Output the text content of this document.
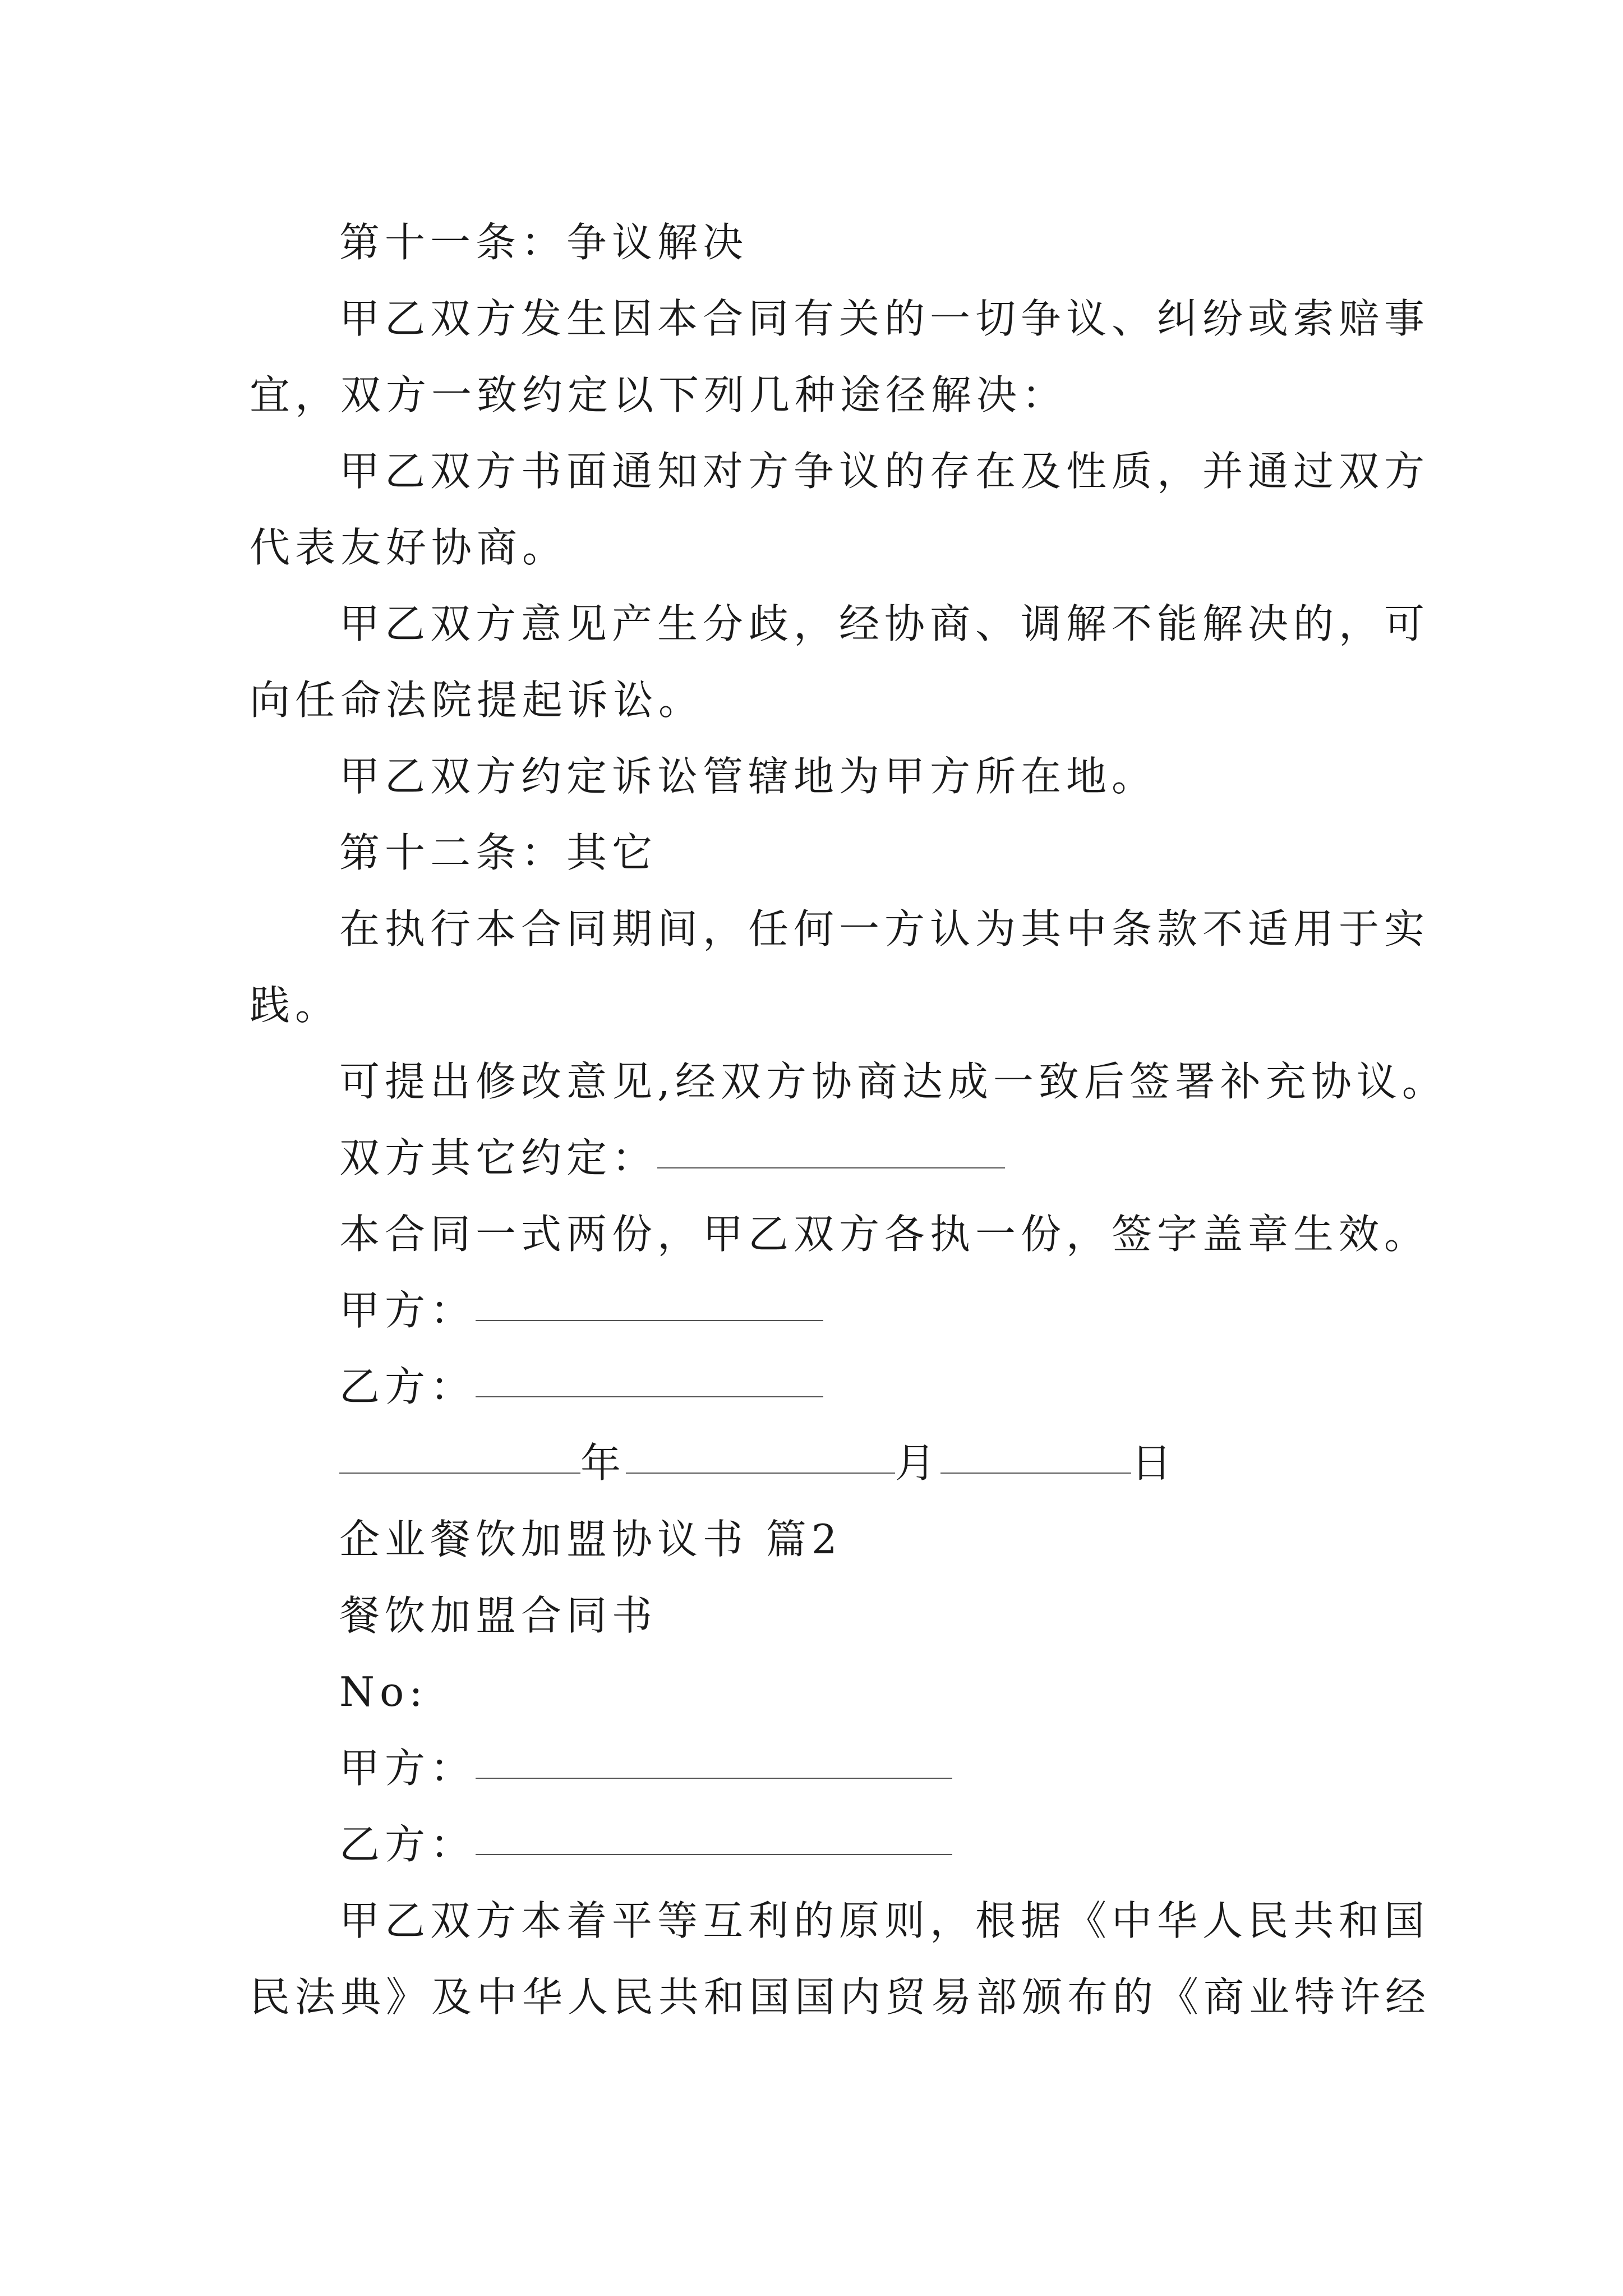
第十一条：争议解决
甲乙双方发生因本合同有关的一切争议、纠纷或索赔事
宜，双方一致约定以下列几种途径解决：
甲乙双方书面通知对方争议的存在及性质，并通过双方
代表友好协商。
甲乙双方意见产生分歧，经协商、调解不能解决的，可
向任命法院提起诉讼。
甲乙双方约定诉讼管辖地为甲方所在地。
第十二条：其它
在执行本合同期间，任何一方认为其中条款不适用于实
践。
可提出修改意见,经双方协商达成一致后签署补充协议。
双方其它约定：
本合同一式两份，甲乙双方各执一份，签字盖章生效。
甲方：
乙方：
年	月	日
企业餐饮加盟协议书 篇2
餐饮加盟合同书
No:
甲方：
乙方：
甲乙双方本着平等互利的原则，根据《中华人民共和国
民法典》及中华人民共和国国内贸易部颁布的《商业特许经
